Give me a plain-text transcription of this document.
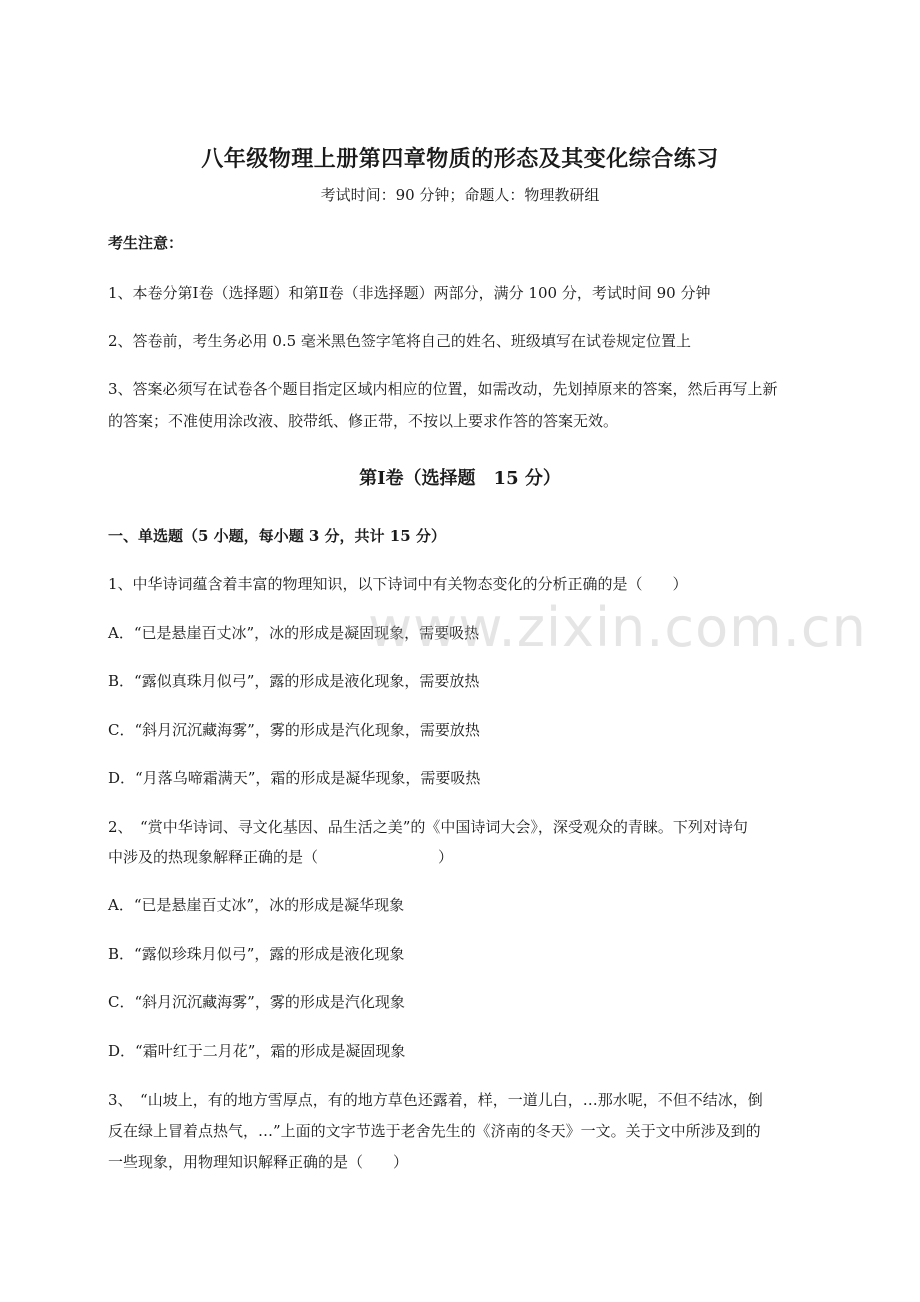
八年级物理上册第四章物质的形态及其变化综合练习
考试时间：90 分钟；命题人：物理教研组
考生注意：
1、本卷分第Ⅰ卷（选择题）和第Ⅱ卷（非选择题）两部分，满分 100 分，考试时间 90 分钟
2、答卷前，考生务必用 0.5 毫米黑色签字笔将自己的姓名、班级填写在试卷规定位置上
3、答案必须写在试卷各个题目指定区域内相应的位置，如需改动，先划掉原来的答案，然后再写上新
的答案；不准使用涂改液、胶带纸、修正带，不按以上要求作答的答案无效。
第Ⅰ卷（选择题　15 分）
一、单选题（5 小题，每小题 3 分，共计 15 分）
1、中华诗词蕴含着丰富的物理知识，以下诗词中有关物态变化的分析正确的是（　　）
A．“已是悬崖百丈冰”，冰的形成是凝固现象，需要吸热
B．“露似真珠月似弓”，露的形成是液化现象，需要放热
C．“斜月沉沉藏海雾”，雾的形成是汽化现象，需要放热
D．“月落乌啼霜满天”，霜的形成是凝华现象，需要吸热
2、　“赏中华诗词、寻文化基因、品生活之美”的《中国诗词大会》，深受观众的青睐。下列对诗句
中涉及的热现象解释正确的是（　　　　　　　　）
A．“已是悬崖百丈冰”，冰的形成是凝华现象
B．“露似珍珠月似弓”，露的形成是液化现象
C．“斜月沉沉藏海雾”，雾的形成是汽化现象
D．“霜叶红于二月花”，霜的形成是凝固现象
3、　“山坡上，有的地方雪厚点，有的地方草色还露着，样，一道儿白，…那水呢，不但不结冰，倒
反在绿上冒着点热气，…”上面的文字节选于老舍先生的《济南的冬天》一文。关于文中所涉及到的
一些现象，用物理知识解释正确的是（　　）
www.zixin.com.cn
